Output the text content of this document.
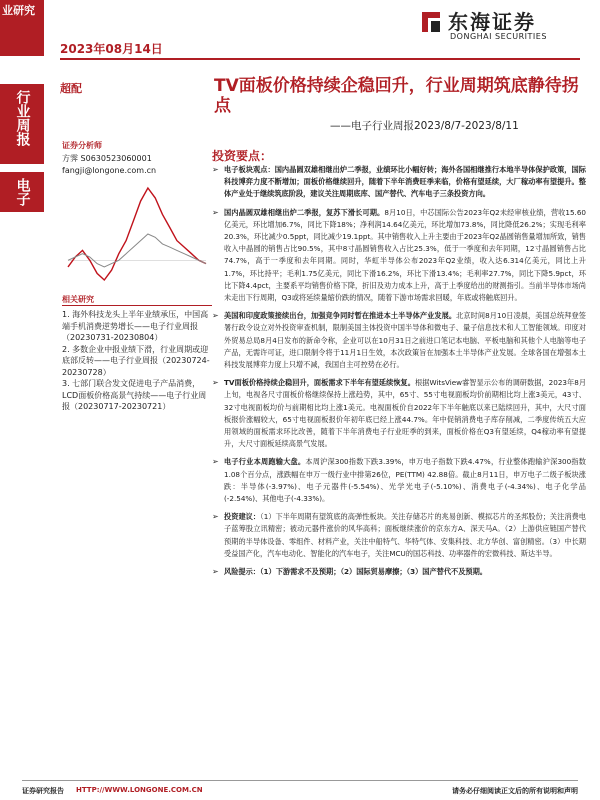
业研究
2023年08月14日
东海证券
DONGHAI SECURITIES
行业周报
电子
超配
证券分析师
方霁 S0630523060001
fangji@longone.com.cn
相关研究
1. 海外科技龙头上半年业绩承压，中国高端手机消费逆势增长——电子行业周报（20230731-20230804）
2. 多数企业中报业绩下滑，行业周期或迎底部反转——电子行业周报（20230724-20230728）
3. 七部门联合发文促进电子产品消费，LCD面板价格高景气持续——电子行业周报（20230717-20230721）
TV面板价格持续企稳回升，行业周期筑底静待拐点
——电子行业周报2023/8/7-2023/8/11
投资要点：
➢ 电子板块观点：国内晶圆双雄相继出炉二季报，业绩环比小幅好转；海外各国相继推行本地半导体保护政策，国际科技博弈力度不断增加；面板价格继续回升，随着下半年消费旺季来临，价格有望延续，大厂稼动率有望提升。整体产业处于继续筑底阶段，建议关注周期底库、国产替代、汽车电子三条投资方向。
➢ 国内晶圆双雄相继出炉二季报，复苏下滑长可期。8月10日，中芯国际公告2023年Q2未经审核业绩，营收15.60亿美元，环比增加6.7%，同比下降18%；净利润14.64亿美元，环比增加73.8%，同比降低26.2%；实现毛利率20.3%，环比减少0.5ppt，同比减少19.1ppt。其中销售收入上升主要由于2023年Q2晶圆销售量增加所致，销售收入中晶圆的销售占比90.5%，其中8寸晶圆销售收入占比25.3%，低于一季度和去年同期，12寸晶圆销售占比74.7%，高于一季度和去年同期。同时，华虹半导体公布2023年Q2业绩，收入达6.314亿美元，同比上升1.7%，环比持平；毛利1.75亿美元，同比下滑16.2%，环比下滑13.4%；毛利率27.7%，同比下降5.9pct，环比下降4.4pct，主要系平均销售价格下降，折旧及劝力成本上升，高于上季度给出的财测指引。当前半导体市场尚未走出下行周期，Q3或将延续量缩价跌的情况，随着下游市场需求回暖，年底或将触底回升。
➢ 美国和印度政策接续出台，加强竞争同时暂在推进本土半导体产业发展。北京时间8月10日凌晨，美国总统拜登签署行政令设立对外投资审查机制，限制美国主体投资中国半导体和微电子、量子信息技术和人工智能领域。印度对外贸易总局8月4日发布的新命令称，企业可以在10月31日之前进口笔记本电脑、平板电脑和其他个人电脑等电子产品，无需许可证，进口限制令将于11月1日生效，本次政策旨在加强本土半导体产业发展。全球各国在增强本土科技发展博弈力度上只增不减，我国自主可控势在必行。
➢ TV面板价格持续企稳回升，面板需求下半年有望延续恢复。根据WitsView睿智显示公布的调研数据，2023年8月上旬，电视各尺寸面板价格继续保持上涨趋势，其中，65寸、55寸电视面板均价前期相比均上涨3美元，43寸、32寸电视面板均价与前期相比均上涨1美元。电视面板价自2022年下半年触底以来已陆续回升，其中，大尺寸面板报价涨幅较大，65寸电视面板报价年初年底已经上涨44.7%。年中促销消费电子库存削减，二季度传统五大应用领域的面板需求环比改善，随着下半年消费电子行业旺季的到来，面板价格在Q3有望延续，Q4稼动率有望提升，大尺寸面板延续高景气发展。
➢ 电子行业本周跑输大盘。本周沪深300指数下跌3.39%，申万电子指数下跌4.47%，行业整体跑输沪深300指数1.08个百分点，涨跌幅在申万一级行业中排第26位，PE(TTM) 42.88倍。截止8月11日，申万电子二级子板块涨跌：半导体(-3.97%)、电子元器件(-5.54%)、光学光电子(-5.10%)、消费电子(-4.34%)、电子化学品(-2.54%)、其他电子(-4.33%)。
➢ 投资建议：（1）下半年周期有望筑底的高弹性板块。关注存储芯片的兆易创新、模拟芯片的圣邦股份；关注消费电子蓝筹股立讯精密；被动元器件涨价的风华高科；面板继续涨价的京东方A、深天马A。（2）上游供应链国产替代预期的半导体设备、零组件、材料产业，关注中船特气、华特气体、安集科技、北方华创、富创精密。（3）中长期受益国产化，汽车电动化、智能化的汽车电子，关注MCU的国芯科技、功率器件的宏微科技、斯达半导。
➢ 风险提示：（1）下游需求不及预期；（2）国际贸易摩擦；（3）国产替代不及预期。
证券研究报告 HTTP://WWW.LONGONE.COM.CN	请务必仔细阅读正文后的所有说明和声明
